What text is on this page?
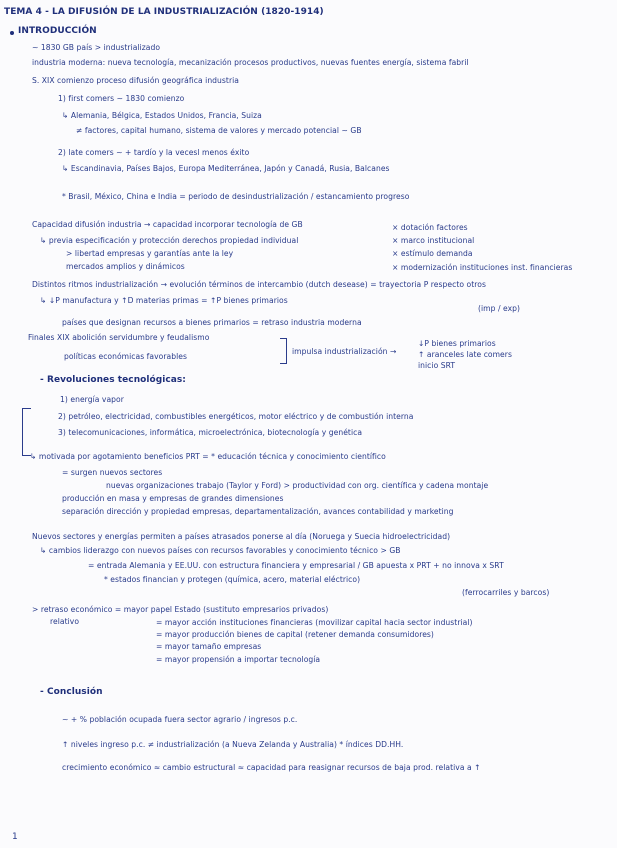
TEMA 4 - LA DIFUSIÓN DE LA INDUSTRIALIZACIÓN (1820-1914)
INTRODUCCIÓN
~ 1830 GB país > industrializado
industria moderna: nueva tecnología, mecanización procesos productivos, nuevas fuentes energía, sistema fabril
S. XIX comienzo proceso difusión geográfica industria
1) first comers ~ 1830 comienzo
↳ Alemania, Bélgica, Estados Unidos, Francia, Suiza
≠ factores, capital humano, sistema de valores y mercado potencial ~ GB
2) late comers ~ + tardío y la vecesl menos éxito
↳ Escandinavia, Países Bajos, Europa Mediterránea, Japón y Canadá, Rusia, Balcanes
* Brasil, México, China e India = periodo de desindustrialización / estancamiento progreso
Capacidad difusión industria → capacidad incorporar tecnología de GB
↳ previa especificación y protección derechos propiedad individual
> libertad empresas y garantías ante la ley
mercados amplios y dinámicos
× dotación factores
× marco institucional
× estímulo demanda
× modernización instituciones inst. financieras
Distintos ritmos industrialización → evolución términos de intercambio (dutch desease) = trayectoria P respecto otros
↳ ↓P manufactura y ↑D materias primas = ↑P bienes primarios
(imp / exp)
países que designan recursos a bienes primarios = retraso industria moderna
Finales XIX abolición servidumbre y feudalismo
políticas económicas favorables
impulsa industrialización →
↓P bienes primarios
↑ aranceles late comers
inicio SRT
- Revoluciones tecnológicas:
1) energía vapor
2) petróleo, electricidad, combustibles energéticos, motor eléctrico y de combustión interna
3) telecomunicaciones, informática, microelectrónica, biotecnología y genética
↳ motivada por agotamiento beneficios PRT = * educación técnica y conocimiento científico
= surgen nuevos sectores
nuevas organizaciones trabajo (Taylor y Ford) > productividad con org. científica y cadena montaje
producción en masa y empresas de grandes dimensiones
separación dirección y propiedad empresas, departamentalización, avances contabilidad y marketing
Nuevos sectores y energías permiten a países atrasados ponerse al día (Noruega y Suecia hidroelectricidad)
↳ cambios liderazgo con nuevos países con recursos favorables y conocimiento técnico > GB
= entrada Alemania y EE.UU. con estructura financiera y empresarial / GB apuesta x PRT + no innova x SRT
* estados financian y protegen (química, acero, material eléctrico)
(ferrocarriles y barcos)
> retraso económico = mayor papel Estado (sustituto empresarios privados)
relativo	= mayor acción instituciones financieras (movilizar capital hacia sector industrial)
= mayor producción bienes de capital (retener demanda consumidores)
= mayor tamaño empresas
= mayor propensión a importar tecnología
- Conclusión
~ + % población ocupada fuera sector agrario / ingresos p.c.
↑ niveles ingreso p.c. ≠ industrialización (a Nueva Zelanda y Australia) * índices DD.HH.
crecimiento económico ≈ cambio estructural ≈ capacidad para reasignar recursos de baja prod. relativa a ↑
1
